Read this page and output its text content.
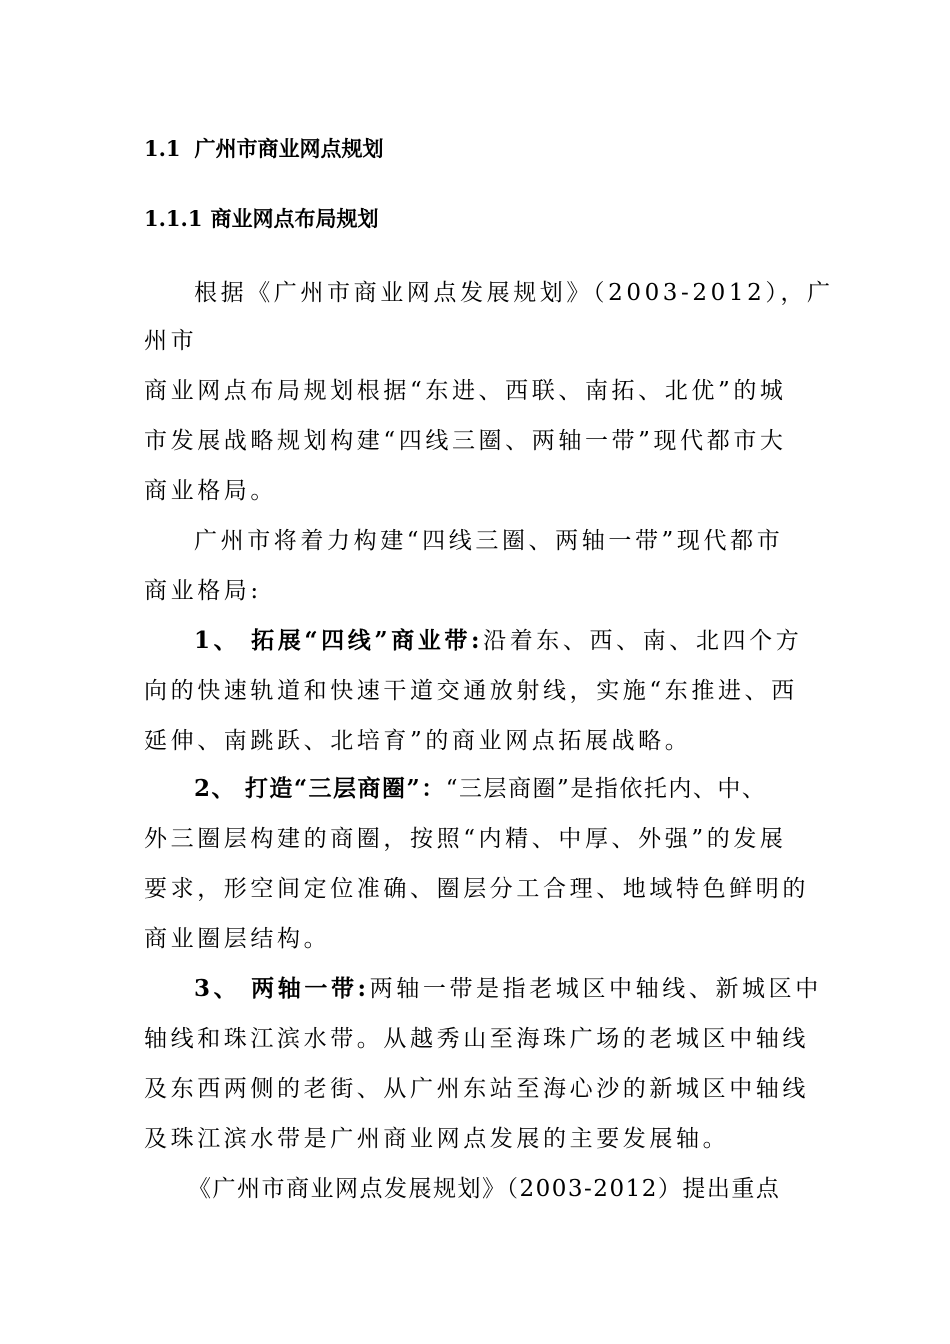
1.1 广州市商业网点规划
1.1.1 商业网点布局规划
根据《广州市商业网点发展规划》（2003-2012），广
州市
商业网点布局规划根据“东进、西联、南拓、北优”的城
市发展战略规划构建“四线三圈、两轴一带”现代都市大
商业格局。
广州市将着力构建“四线三圈、两轴一带”现代都市
商业格局:
1、 拓展“四线”商业带:沿着东、西、南、北四个方
向的快速轨道和快速干道交通放射线，实施“东推进、西
延伸、南跳跃、北培育”的商业网点拓展战略。
2、 打造“三层商圈”：“三层商圈”是指依托内、中、
外三圈层构建的商圈，按照“内精、中厚、外强”的发展
要求，形空间定位准确、圈层分工合理、地域特色鲜明的
商业圈层结构。
3、 两轴一带:两轴一带是指老城区中轴线、新城区中
轴线和珠江滨水带。从越秀山至海珠广场的老城区中轴线
及东西两侧的老街、从广州东站至海心沙的新城区中轴线
及珠江滨水带是广州商业网点发展的主要发展轴。
《广州市商业网点发展规划》（2003-2012）提出重点
